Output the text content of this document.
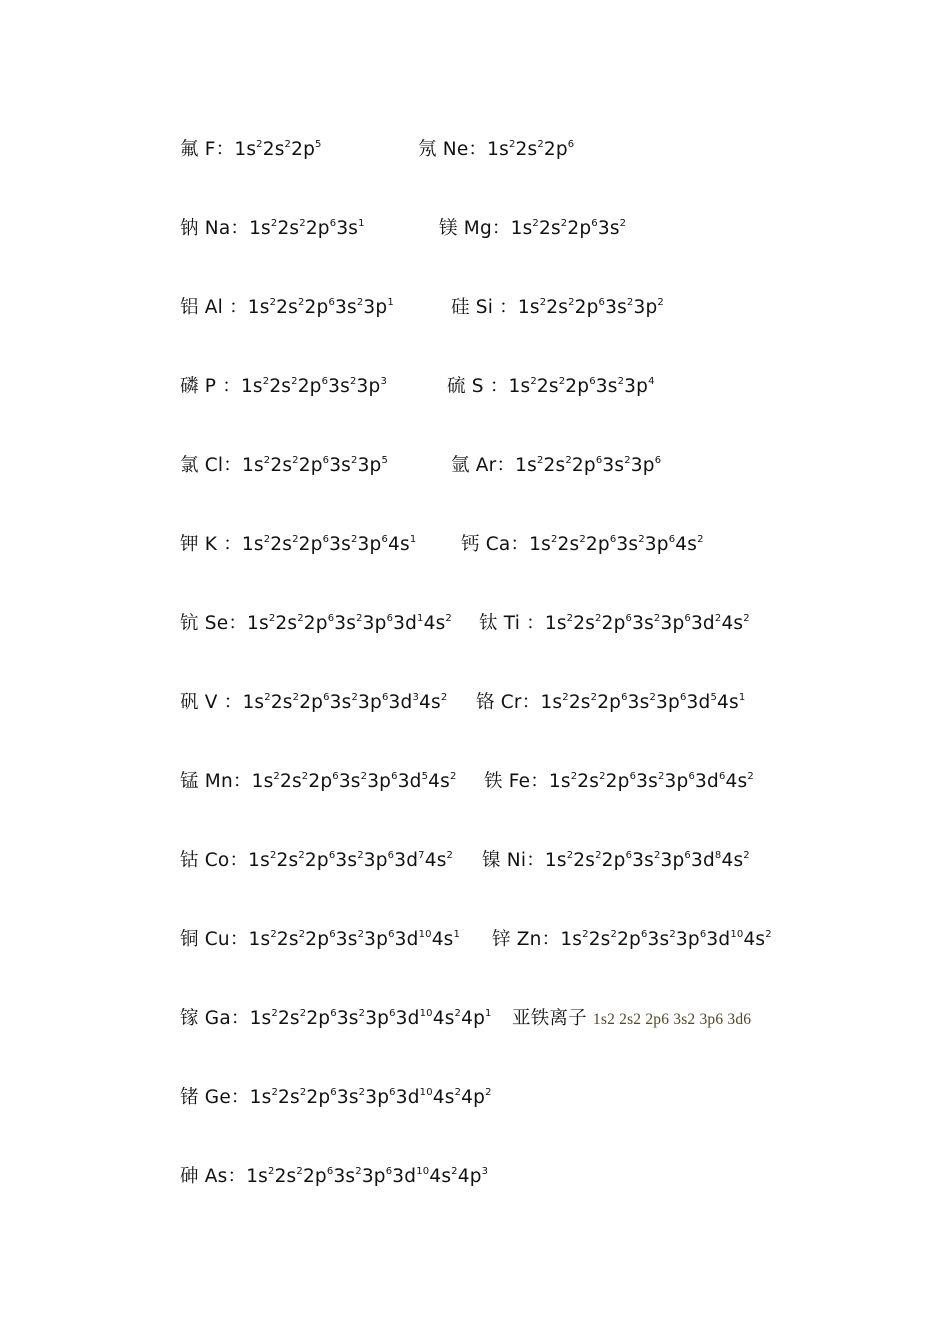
氟 F：$1s^22s^22p^5$	氖 Ne：$1s^22s^22p^6$
钠 Na：$1s^22s^22p^63s^1$	镁 Mg：$1s^22s^22p^63s^2$
铝 Al ：$1s^22s^22p^63s^23p^1$	硅 Si ：$1s^22s^22p^63s^23p^2$
磷 P ：$1s^22s^22p^63s^23p^3$	硫 S ：$1s^22s^22p^63s^23p^4$
氯 Cl：$1s^22s^22p^63s^23p^5$	氩 Ar：$1s^22s^22p^63s^23p^6$
钾 K ：$1s^22s^22p^63s^23p^64s^1$ 钙 Ca：$1s^22s^22p^63s^23p^64s^2$
钪 Se：$1s^22s^22p^63s^23p^63d^14s^2$ 钛 Ti ：$1s^22s^22p^63s^23p^63d^24s^2$
矾 V ：$1s^22s^22p^63s^23p^63d^34s^2$ 铬 Cr：$1s^22s^22p^63s^23p^63d^54s^1$
锰 Mn：$1s^22s^22p^63s^23p^63d^54s^2$ 铁 Fe：$1s^22s^22p^63s^23p^63d^64s^2$
钴 Co：$1s^22s^22p^63s^23p^63d^74s^2$ 镍 Ni：$1s^22s^22p^63s^23p^63d^84s^2$
铜 Cu：$1s^22s^22p^63s^23p^63d^{10}4s^1$ 锌 Zn：$1s^22s^22p^63s^23p^63d^{10}4s^2$
镓 Ga：$1s^22s^22p^63s^23p^63d^{10}4s^24p^1$ 亚铁离子 1s2 2s2 2p6 3s2 3p6 3d6
锗 Ge：$1s^22s^22p^63s^23p^63d^{10}4s^24p^2$
砷 As：$1s^22s^22p^63s^23p^63d^{10}4s^24p^3$
